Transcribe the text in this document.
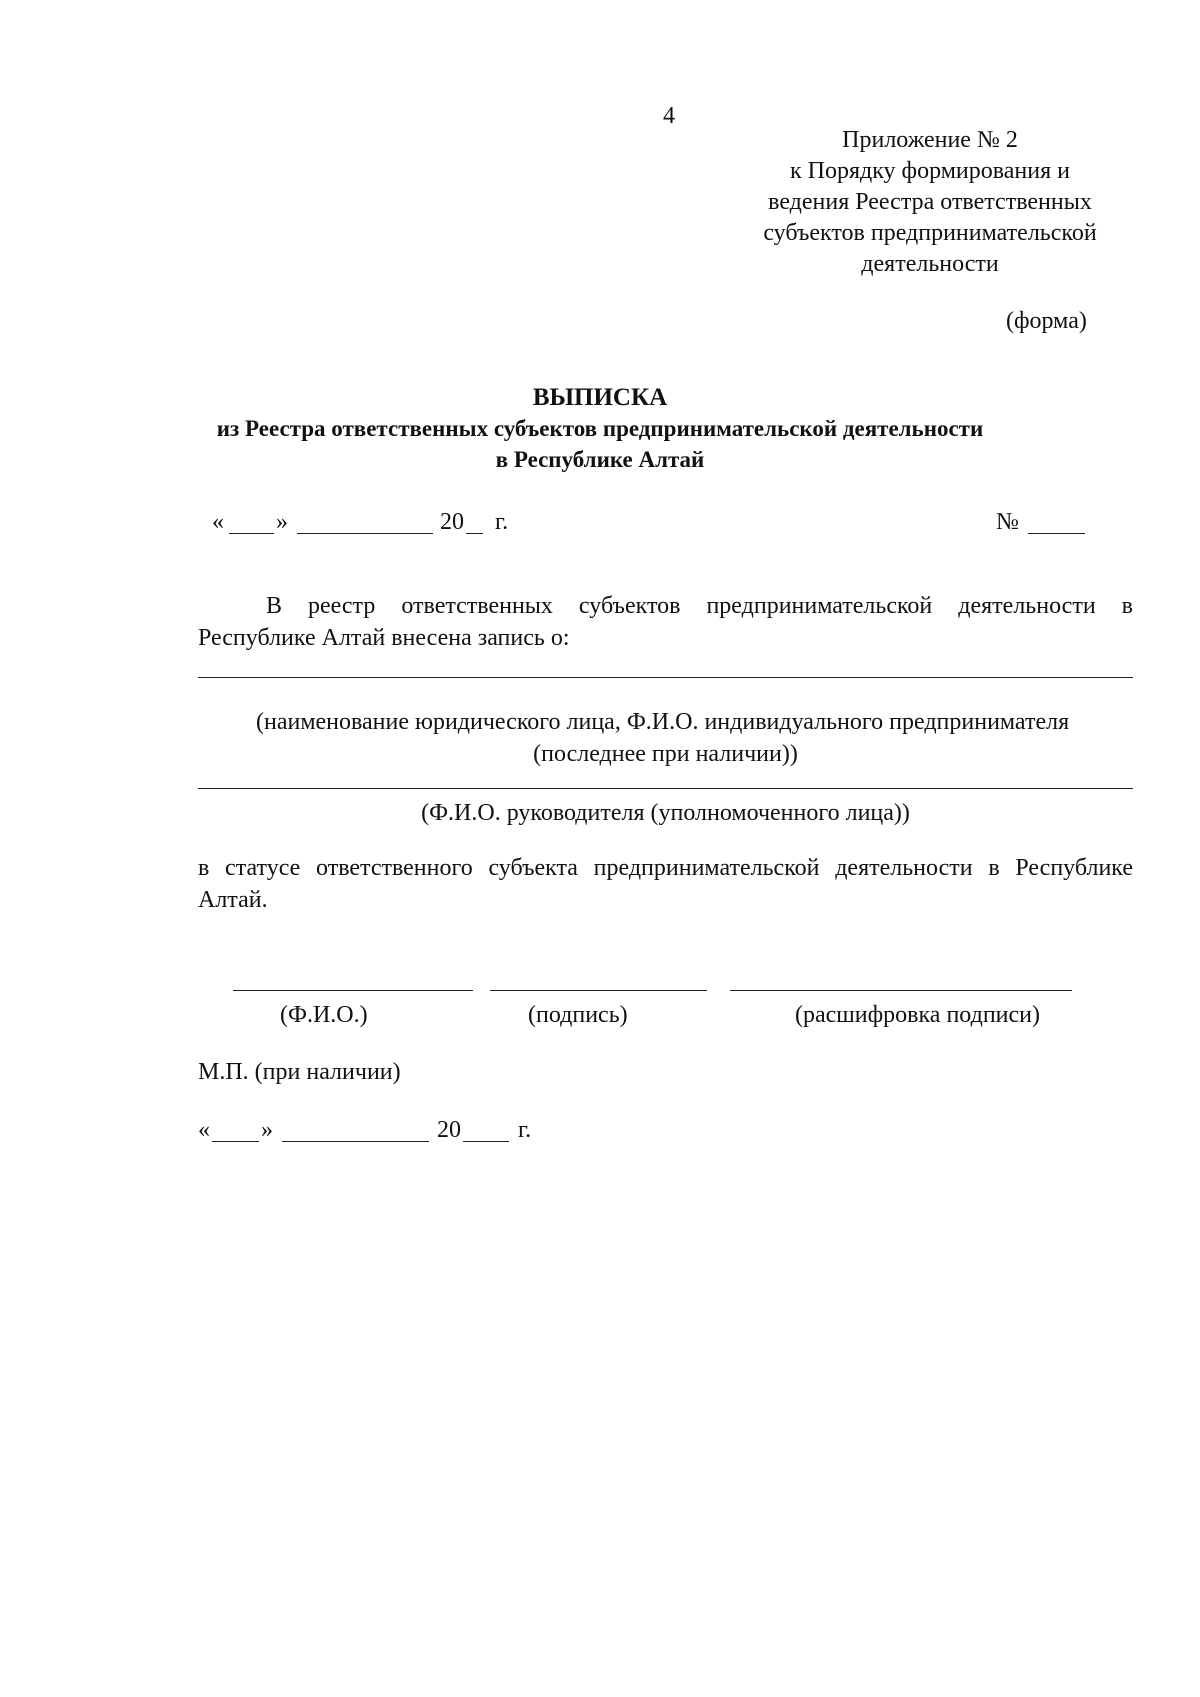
4
Приложение № 2
к Порядку формирования и
ведения Реестра ответственных
субъектов предпринимательской
деятельности
(форма)
ВЫПИСКА
из Реестра ответственных субъектов предпринимательской деятельности
в Республике Алтай
« »	20 г.	№
В реестр ответственных субъектов предпринимательской деятельности в Республике Алтай внесена запись о:
(наименование юридического лица, Ф.И.О. индивидуального предпринимателя
(последнее при наличии))
(Ф.И.О. руководителя (уполномоченного лица))
в статусе ответственного субъекта предпринимательской деятельности в Республике Алтай.
(Ф.И.О.)	(подпись)	(расшифровка подписи)
М.П. (при наличии)
« »	20 г.
